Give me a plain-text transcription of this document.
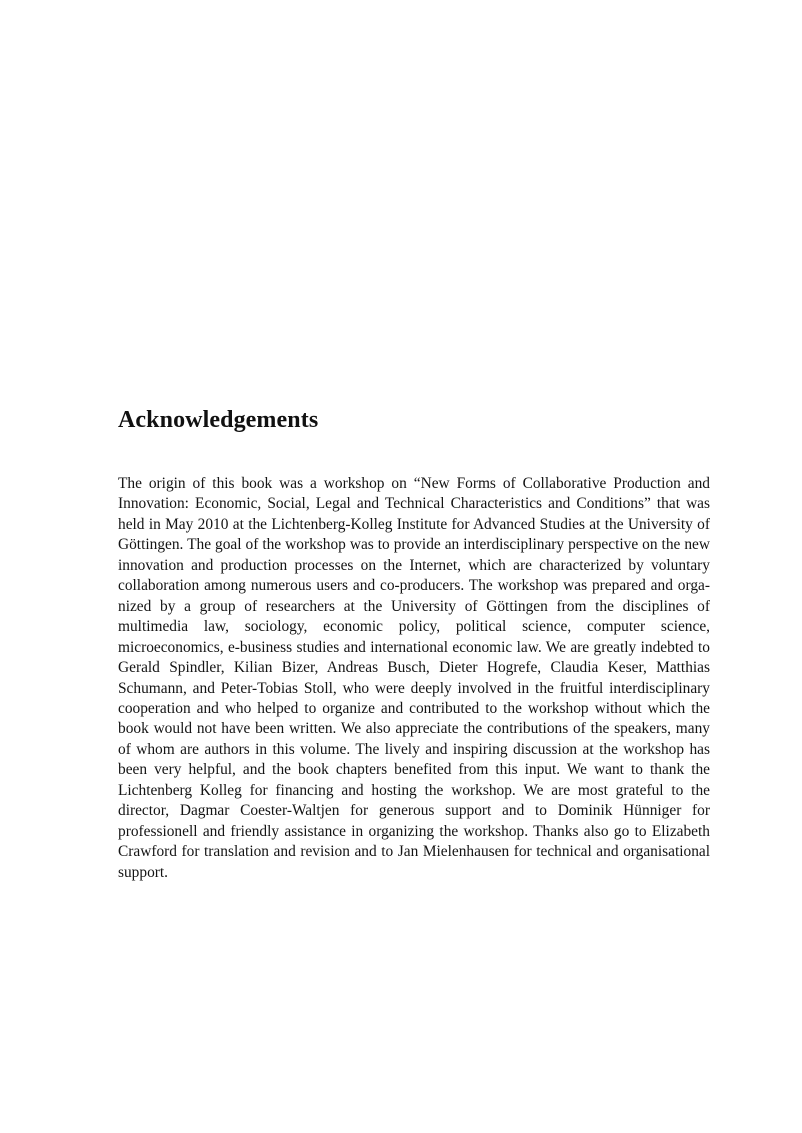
Acknowledgements

The origin of this book was a workshop on “New Forms of Collaborative Production and Innovation: Economic, Social, Legal and Technical Characteristics and Conditions” that was held in May 2010 at the Lichtenberg-Kolleg Institute for Advanced Studies at the University of Göttingen. The goal of the workshop was to provide an interdisciplinary perspective on the new innovation and production processes on the Internet, which are characterized by voluntary collaboration among numerous users and co-producers. The workshop was prepared and organized by a group of researchers at the University of Göttingen from the disciplines of multimedia law, sociology, economic policy, political science, computer science, microeconomics, e-business studies and international economic law. We are greatly indebted to Gerald Spindler, Kilian Bizer, Andreas Busch, Dieter Hogrefe, Claudia Keser, Matthias Schumann, and Peter-Tobias Stoll, who were deeply involved in the fruitful interdisciplinary cooperation and who helped to organize and contributed to the workshop without which the book would not have been written. We also appreciate the contributions of the speakers, many of whom are authors in this volume. The lively and inspiring discussion at the workshop has been very helpful, and the book chapters benefited from this input. We want to thank the Lichtenberg Kolleg for financing and hosting the workshop. We are most grateful to the director, Dagmar Coester-Waltjen for generous support and to Dominik Hünniger for professionell and friendly assistance in organizing the workshop. Thanks also go to Elizabeth Crawford for translation and revision and to Jan Mielenhausen for technical and organisational support.
